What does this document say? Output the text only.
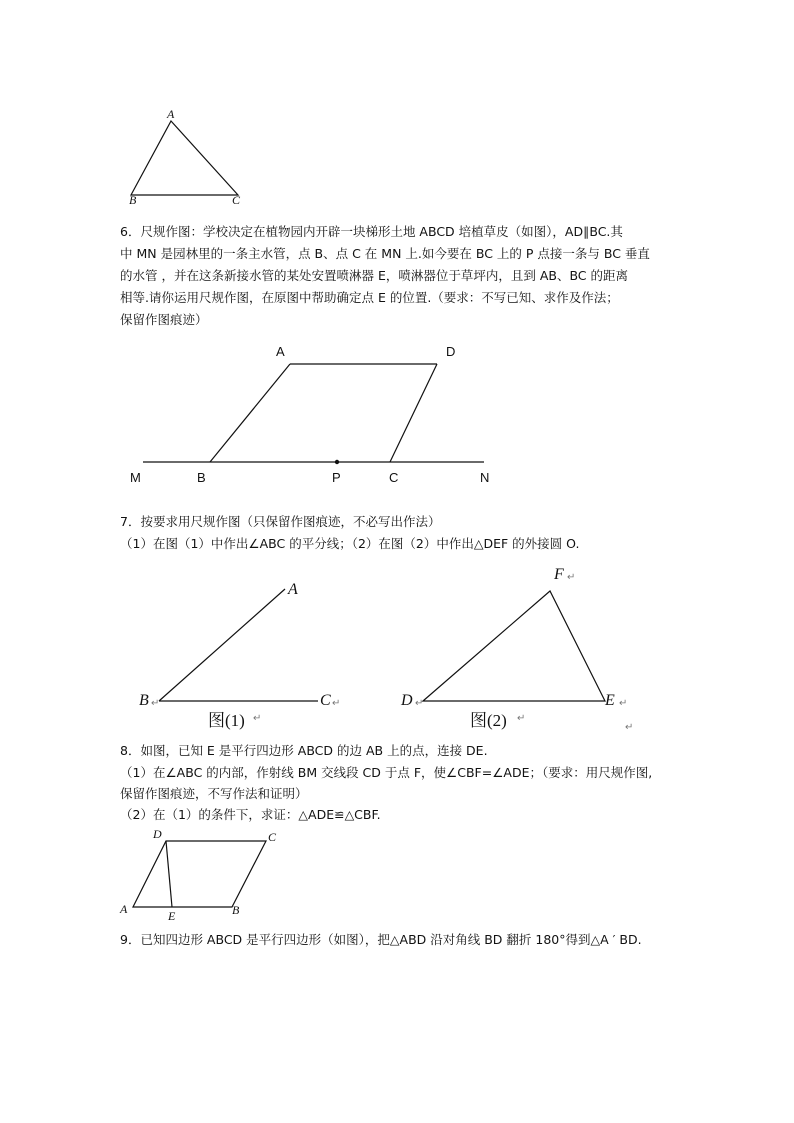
A
B	C
6．尺规作图：学校决定在植物园内开辟一块梯形土地 ABCD 培植草皮（如图），AD∥BC.其
中 MN 是园林里的一条主水管，点 B、点 C 在 MN 上.如今要在 BC 上的 P 点接一条与 BC 垂直
的水管 ，并在这条新接水管的某处安置喷淋器 E，喷淋器位于草坪内，且到 AB、BC 的距离
相等.请你运用尺规作图，在原图中帮助确定点 E 的位置.（要求：不写已知、求作及作法；
保留作图痕迹）
A	D
M	B	P	C	N
7．按要求用尺规作图（只保留作图痕迹，不必写出作法）
（1）在图（1）中作出∠ABC 的平分线；（2）在图（2）中作出△DEF 的外接圆 O.
A
B ↵	C ↵
图(1) ↵
F ↵
D ↵	E ↵
图(2) ↵
↵
8．如图，已知 E 是平行四边形 ABCD 的边 AB 上的点，连接 DE.
（1）在∠ABC 的内部，作射线 BM 交线段 CD 于点 F，使∠CBF=∠ADE；（要求：用尺规作图,
保留作图痕迹，不写作法和证明）
（2）在（1）的条件下，求证：△ADE≌△CBF.
D	C
A	E	B
9．已知四边形 ABCD 是平行四边形（如图），把△ABD 沿对角线 BD 翻折 180°得到△A ′ BD.
